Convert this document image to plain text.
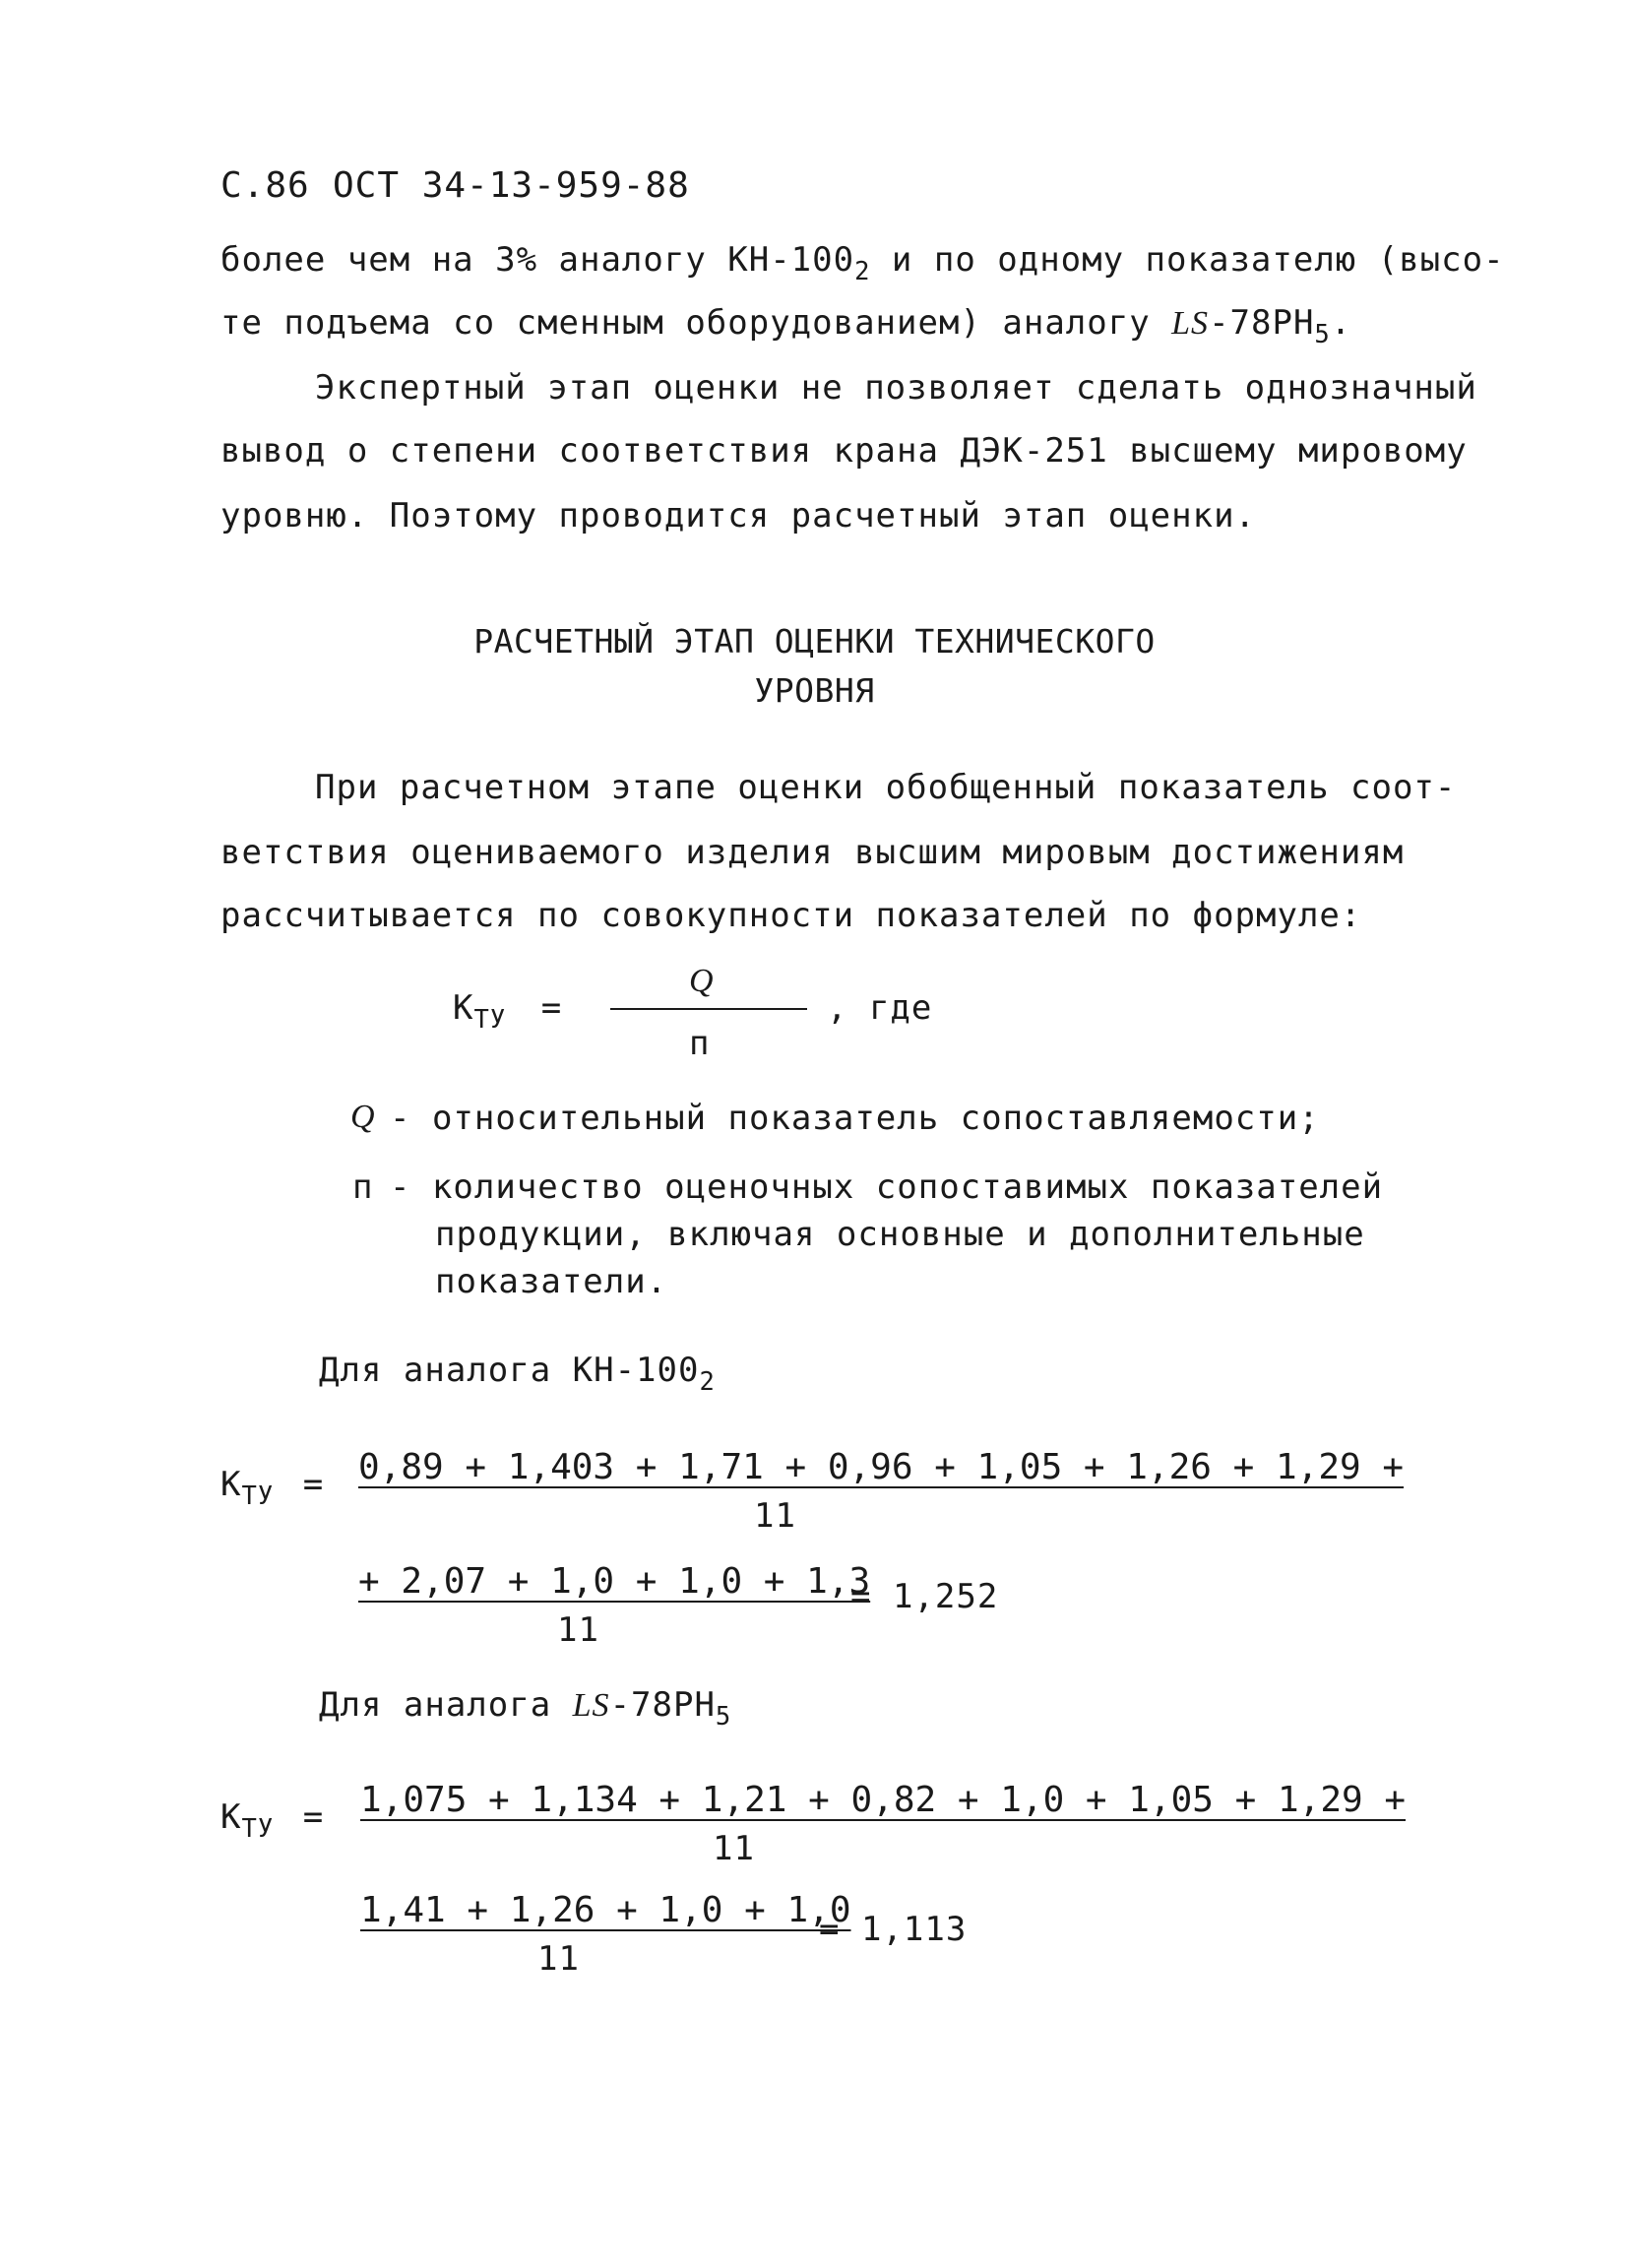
С.86 ОСТ 34-13-959-88
более чем на 3% аналогу $КН-100_2$ и по одному показателю (высо-
те подъема со сменным оборудованием) аналогу $LS-78РН_5$.
Экспертный этап оценки не позволяет сделать однозначный
вывод о степени соответствия крана ДЭК-251 высшему мировому
уровню. Поэтому проводится расчетный этап оценки.
РАСЧЕТНЫЙ ЭТАП ОЦЕНКИ ТЕХНИЧЕСКОГО
УРОВНЯ
При расчетном этапе оценки обобщенный показатель соот-
ветствия оцениваемого изделия высшим мировым достижениям
рассчитывается по совокупности показателей по формуле:
$К_{ТУ}$ =
Q
п
, где
Q - относительный показатель сопоставляемости;
п - количество оценочных сопоставимых показателей
продукции, включая основные и дополнительные
показатели.
Для аналога $КН-100_2$
$К_{ТУ} = 0,89 + 1,403 + 1,71 + 0,96 + 1,05 + 1,26 + 1,29$ +
11
+ 2,07 + 1,0 + 1,0 + 1,3
11
= 1,252
Для аналога $LS-78РН_5$
$К_{ТУ} = 1,075 + 1,134 + 1,21 + 0,82 + 1,0 + 1,05 + 1,29$ +
11
1,41 + 1,26 + 1,0 + 1,0
11
= 1,113
